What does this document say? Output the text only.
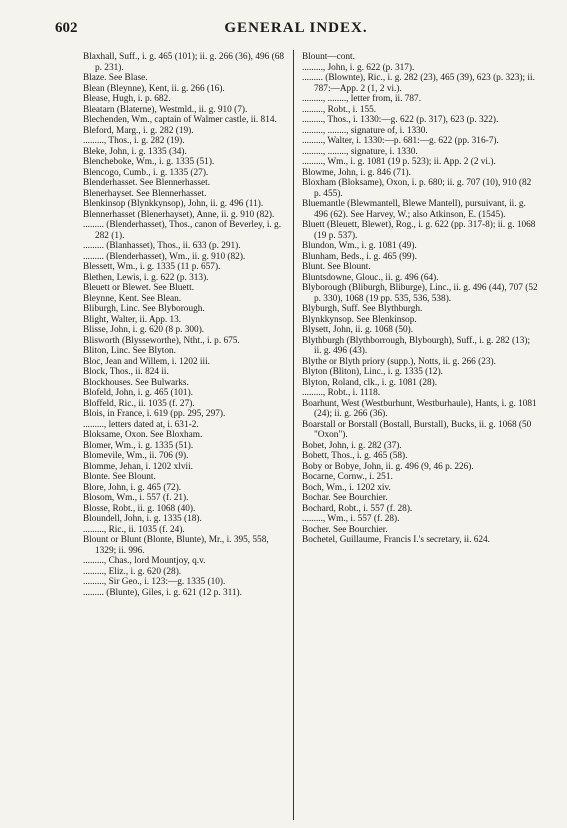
602	GENERAL INDEX.

Blaxhall, Suff., i. g. 465 (101); ii. g. 266 (36), 496 (68 p. 231).

Blaze. See Blase.

Blean (Bleynne), Kent, ii. g. 266 (16).

Blease, Hugh, i. p. 682.

Bleatarn (Blaterne), Westmld., ii. g. 910 (7).

Blechenden, Wm., captain of Walmer castle, ii. 814.

Bleford, Marg., i. g. 282 (19).

........., Thos., i. g. 282 (19).

Bleke, John, i. g. 1335 (34).

Blencheboke, Wm., i. g. 1335 (51).

Blencogo, Cumb., i. g. 1335 (27).

Blenderhasset. See Blennerhasset.

Blenerhayset. See Blennerhasset.

Blenkinsop (Blynkkynsop), John, ii. g. 496 (11).

Blennerhasset (Blenerhayset), Anne, ii. g. 910 (82).

......... (Blenderhasset), Thos., canon of Beverley, i. g. 282 (1).

......... (Blanhasset), Thos., ii. 633 (p. 291).

......... (Blenderhasset), Wm., ii. g. 910 (82).

Blessett, Wm., i. g. 1335 (11 p. 657).

Blethen, Lewis, i. g. 622 (p. 313).

Bleuett or Blewet. See Bluett.

Bleynne, Kent. See Blean.

Bliburgh, Linc. See Blyborough.

Blight, Walter, ii. App. 13.

Blisse, John, i. g. 620 (8 p. 300).

Blisworth (Blysseworthe), Ntht., i. p. 675.

Bliton, Linc. See Blyton.

Bloc, Jean and Willem, i. 1202 iii.

Block, Thos., ii. 824 ii.

Blockhouses. See Bulwarks.

Blofeld, John, i. g. 465 (101).

Bloffeld, Ric., ii. 1035 (f. 27).

Blois, in France, i. 619 (pp. 295, 297).

........., letters dated at, i. 631-2.

Bloksame, Oxon. See Bloxham.

Blomer, Wm., i. g. 1335 (51).

Blomevile, Wm., ii. 706 (9).

Blomme, Jehan, i. 1202 xlvii.

Blonte. See Blount.

Blore, John, i. g. 465 (72).

Blosom, Wm., i. 557 (f. 21).

Blosse, Robt., ii. g. 1068 (40).

Bloundell, John, i. g. 1335 (18).

........., Ric., ii. 1035 (f. 24).

Blount or Blunt (Blonte, Blunte), Mr., i. 395, 558, 1329; ii. 996.

........., Chas., lord Mountjoy, q.v.

........., Eliz., i. g. 620 (28).

........., Sir Geo., i. 123:—g. 1335 (10).

......... (Blunte), Giles, i. g. 621 (12 p. 311).

Blount—cont.

........., John, i. g. 622 (p. 317).

......... (Blownte), Ric., i. g. 282 (23), 465 (39), 623 (p. 323); ii. 787:—App. 2 (1, 2 vi.).

........., ........, letter from, ii. 787.

........., Robt., i. 155.

........., Thos., i. 1330:—g. 622 (p. 317), 623 (p. 322).

........., ........, signature of, i. 1330.

........., Walter, i. 1330:—p. 681:—g. 622 (pp. 316-7).

........., ........, signature, i. 1330.

........., Wm., i. g. 1081 (19 p. 523); ii. App. 2 (2 vi.).

Blowme, John, i. g. 846 (71).

Bloxham (Bloksame), Oxon, i. p. 680; ii. g. 707 (10), 910 (82 p. 455).

Bluemantle (Blewmantell, Blewe Mantell), pursuivant, ii. g. 496 (62). See Harvey, W.; also Atkinson, E. (1545).

Bluett (Bleuett, Blewet), Rog., i. g. 622 (pp. 317-8); ii. g. 1068 (19 p. 537).

Blundon, Wm., i. g. 1081 (49).

Blunham, Beds., i. g. 465 (99).

Blunt. See Blount.

Bluntsdowne, Glouc., ii. g. 496 (64).

Blyborough (Bliburgh, Bliburge), Linc., ii. g. 496 (44), 707 (52 p. 330), 1068 (19 pp. 535, 536, 538).

Blyburgh, Suff. See Blythburgh.

Blynkkynsop. See Blenkinsop.

Blysett, John, ii. g. 1068 (50).

Blythburgh (Blythborrough, Blybourgh), Suff., i. g. 282 (13); ii. g. 496 (43).

Blythe or Blyth priory (supp.), Notts, ii. g. 266 (23).

Blyton (Bliton), Linc., i. g. 1335 (12).

Blyton, Roland, clk., i. g. 1081 (28).

........., Robt., i. 1118.

Boarhunt, West (Westburhunt, Westburhaule), Hants, i. g. 1081 (24); ii. g. 266 (36).

Boarstall or Borstall (Bostall, Burstall), Bucks, ii. g. 1068 (50 "Oxon").

Bobet, John, i. g. 282 (37).

Bobett, Thos., i. g. 465 (58).

Boby or Bobye, John, ii. g. 496 (9, 46 p. 226).

Bocarne, Cornw., i. 251.

Boch, Wm., i. 1202 xiv.

Bochar. See Bourchier.

Bochard, Robt., i. 557 (f. 28).

........., Wm., i. 557 (f. 28).

Bocher. See Bourchier.

Bochetel, Guillaume, Francis I.'s secretary, ii. 624.
